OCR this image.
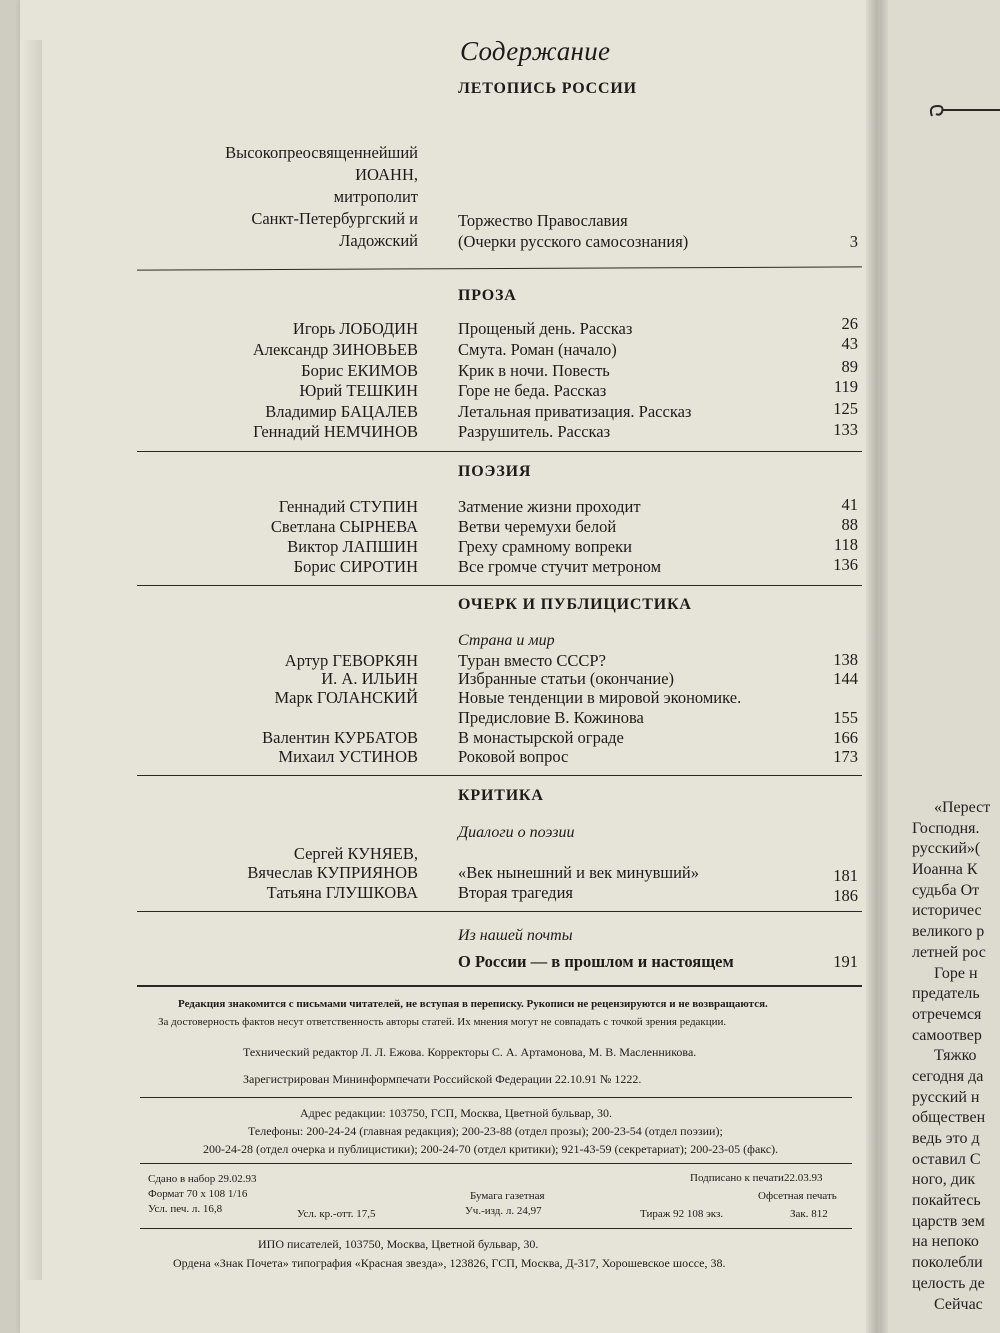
«Перест
Господня.
русский»(
Иоанна К
судьба От
историчес
великого р
летней рос
Горе н
предатель
отречемся
самоотвер
Тяжко
сегодня да
русский н
обществен
ведь это д
оставил С
ного, дик
покайтесь
царств зем
на непоко
поколебли
целость де
Сейчас
Содержание
ЛЕТОПИСЬ РОССИИ
Высокопреосвященнейший
ИОАНН,
митрополит
Санкт-Петербургский и
Ладожский
Торжество Православия
(Очерки русского самосознания)	3
ПРОЗА
Игорь ЛОБОДИН Прощеный день. Рассказ	26
Александр ЗИНОВЬЕВ Смута. Роман (начало)	43
Борис ЕКИМОВ Крик в ночи. Повесть	89
Юрий ТЕШКИН Горе не беда. Рассказ	119
Владимир БАЦАЛЕВ Летальная приватизация. Рассказ	125
Геннадий НЕМЧИНОВ Разрушитель. Рассказ	133
ПОЭЗИЯ
Геннадий СТУПИН Затмение жизни проходит	41
Светлана СЫРНЕВА Ветви черемухи белой	88
Виктор ЛАПШИН Греху срамному вопреки	118
Борис СИРОТИН Все громче стучит метроном	136
ОЧЕРК И ПУБЛИЦИСТИКА
Страна и мир
Артур ГЕВОРКЯН Туран вместо СССР?	138
И. А. ИЛЬИН Избранные статьи (окончание)	144
Марк ГОЛАНСКИЙ Новые тенденции в мировой экономике.
Предисловие В. Кожинова	155
Валентин КУРБАТОВ В монастырской ограде	166
Михаил УСТИНОВ Роковой вопрос	173
КРИТИКА
Диалоги о поэзии
Сергей КУНЯЕВ,
Вячеслав КУПРИЯНОВ «Век нынешний и век минувший»	181
Татьяна ГЛУШКОВА Вторая трагедия	186
Из нашей почты
О России — в прошлом и настоящем	191
Редакция знакомится с письмами читателей, не вступая в переписку. Рукописи не рецензируются и не возвращаются.
За достоверность фактов несут ответственность авторы статей. Их мнения могут не совпадать с точкой зрения редакции.
Технический редактор Л. Л. Ежова. Корректоры С. А. Артамонова, М. В. Масленникова.
Зарегистрирован Мининформпечати Российской Федерации 22.10.91 № 1222.
Адрес редакции: 103750, ГСП, Москва, Цветной бульвар, 30.
Телефоны: 200-24-24 (главная редакция); 200-23-88 (отдел прозы); 200-23-54 (отдел поэзии);
200-24-28 (отдел очерка и публицистики); 200-24-70 (отдел критики); 921-43-59 (секретариат); 200-23-05 (факс).
Сдано в набор 29.02.93
Формат 70 x 108 1/16
Усл. печ. л. 16,8	Усл. кр.-отт. 17,5
Бумага газетная
Уч.-изд. л. 24,97
Подписано к печати22.03.93
Офсетная печать
Тираж 92 108 экз.	Зак. 812
ИПО писателей, 103750, Москва, Цветной бульвар, 30.
Ордена «Знак Почета» типография «Красная звезда», 123826, ГСП, Москва, Д-317, Хорошевское шоссе, 38.
